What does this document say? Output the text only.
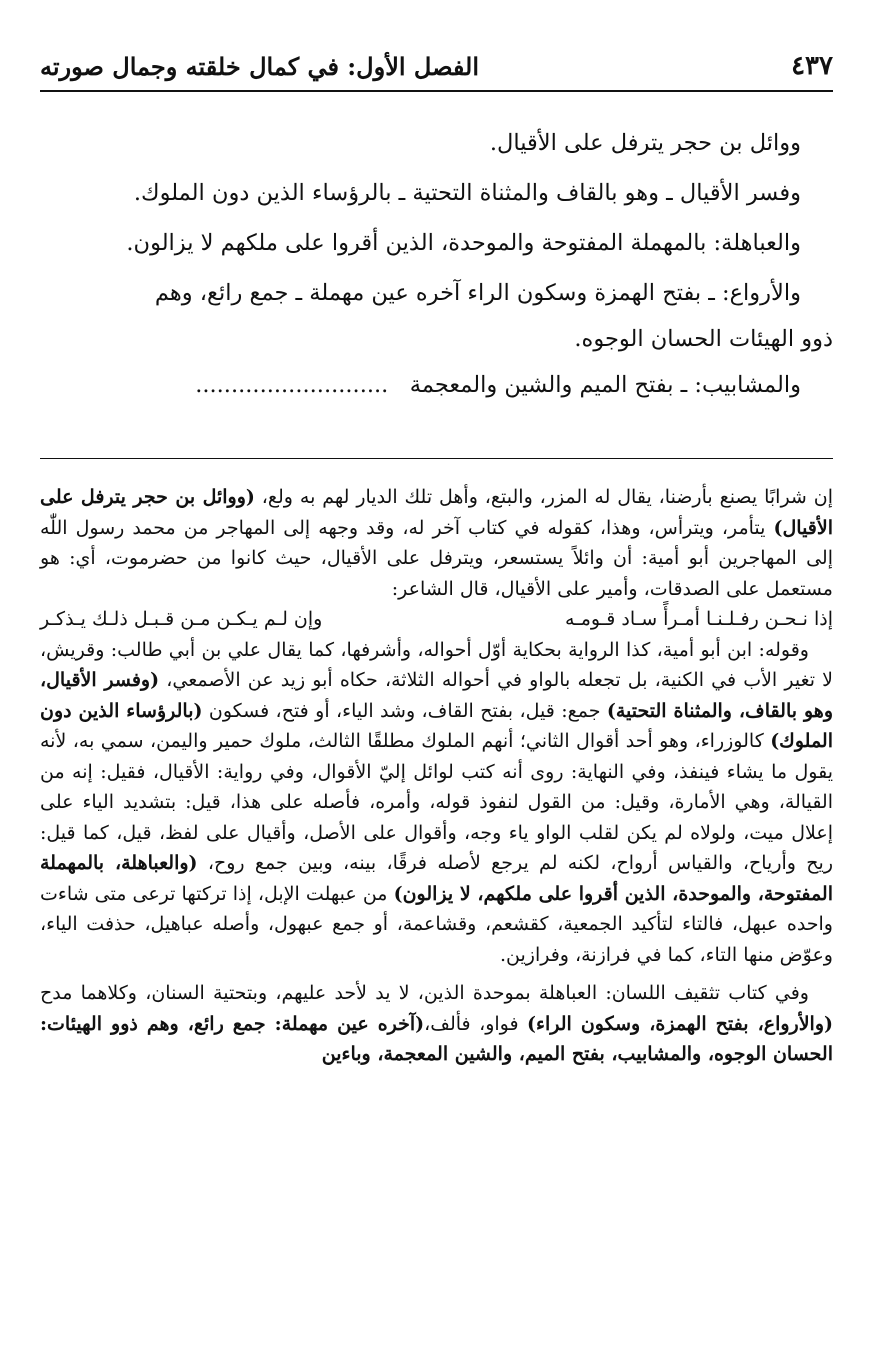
الفصل الأول: في كمال خلقته وجمال صورته	٤٣٧
ووائل بن حجر يترفل على الأقيال.
وفسر الأقيال ـ وهو بالقاف والمثناة التحتية ـ بالرؤساء الذين دون الملوك.
والعباهلة: بالمهملة المفتوحة والموحدة، الذين أقروا على ملكهم لا يزالون.
والأرواع: ـ بفتح الهمزة وسكون الراء آخره عين مهملة ـ جمع رائع، وهم
ذوو الهيئات الحسان الوجوه.
والمشابيب: ـ بفتح الميم والشين والمعجمة   ...........................

إن شرابًا يصنع بأرضنا، يقال له المزر، والبتع، وأهل تلك الديار لهم به ولع، (ووائل بن حجر يترفل على الأقيال) يتأمر، ويترأس، وهذا، كقوله في كتاب آخر له، وقد وجهه إلى المهاجر من محمد رسول اللّٰه إلى المهاجرين أبو أمية: أن وائلاً يستسعر، ويترفل على الأقيال، حيث كانوا من حضرموت، أي: هو مستعمل على الصدقات، وأمير على الأقيال، قال الشاعر:

إذا نـحـن رفـلـنـا أمـرأً سـاد قـومـه
وإن لـم يـكـن مـن قـبـل ذلـك يـذكـر

وقوله: ابن أبو أمية، كذا الرواية بحكاية أوّل أحواله، وأشرفها، كما يقال علي بن أبي طالب: وقريش، لا تغير الأب في الكنية، بل تجعله بالواو في أحواله الثلاثة، حكاه أبو زيد عن الأصمعي، (وفسر الأقيال، وهو بالقاف، والمثناة التحتية) جمع: قيل، بفتح القاف، وشد الياء، أو فتح، فسكون (بالرؤساء الذين دون الملوك) كالوزراء، وهو أحد أقوال الثاني؛ أنهم الملوك مطلقًا الثالث، ملوك حمير واليمن، سمي به، لأنه يقول ما يشاء فينفذ، وفي النهاية: روى أنه كتب لوائل إليّ الأقوال، وفي رواية: الأقيال، فقيل: إنه من القيالة، وهي الأمارة، وقيل: من القول لنفوذ قوله، وأمره، فأصله على هذا، قيل: بتشديد الياء على إعلال ميت، ولولاه لم يكن لقلب الواو ياء وجه، وأقوال على الأصل، وأقيال على لفظ، قيل، كما قيل: ريح وأرياح، والقياس أرواح، لكنه لم يرجع لأصله فرقًا، بينه، وبين جمع روح، (والعباهلة، بالمهملة المفتوحة، والموحدة، الذين أقروا على ملكهم، لا يزالون) من عبهلت الإبل، إذا تركتها ترعى متى شاءت واحده عبهل، فالتاء لتأكيد الجمعية، كقشعم، وقشاعمة، أو جمع عبهول، وأصله عباهيل، حذفت الياء، وعوّض منها التاء، كما في فرازنة، وفرازين.

وفي كتاب تثقيف اللسان: العباهلة بموحدة الذين، لا يد لأحد عليهم، وبتحتية السنان، وكلاهما مدح (والأرواع، بفتح الهمزة، وسكون الراء) فواو، فألف،(آخره عين مهملة: جمع رائع، وهم ذوو الهيئات: الحسان الوجوه، والمشابيب، بفتح الميم، والشين المعجمة، وباءين
